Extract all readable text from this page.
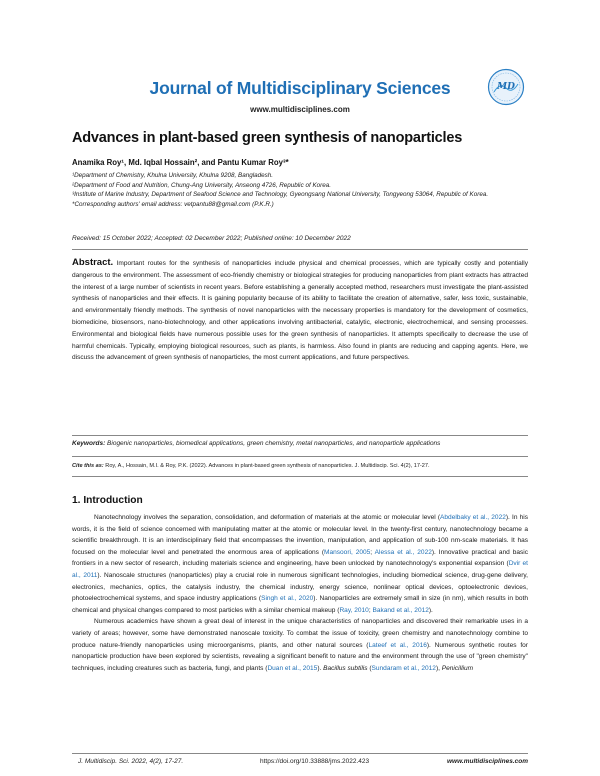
Journal of Multidisciplinary Sciences
www.multidisciplines.com
MD
Advances in plant-based green synthesis of nanoparticles
Anamika Roy¹, Md. Iqbal Hossain², and Pantu Kumar Roy³*
¹Department of Chemistry, Khulna University, Khulna 9208, Bangladesh.
²Department of Food and Nutrition, Chung-Ang University, Anseong 4726, Republic of Korea.
³Institute of Marine Industry, Department of Seafood Science and Technology, Gyeongsang National University, Tongyeong 53064, Republic of Korea.
*Corresponding authors' email address: vetpantu88@gmail.com (P.K.R.)
Received: 15 October 2022; Accepted: 02 December 2022; Published online: 10 December 2022
Abstract. Important routes for the synthesis of nanoparticles include physical and chemical processes, which are typically costly and potentially dangerous to the environment. The assessment of eco-friendly chemistry or biological strategies for producing nanoparticles from plant extracts has attracted the interest of a large number of scientists in recent years. Before establishing a generally accepted method, researchers must investigate the plant-assisted synthesis of nanoparticles and their effects. It is gaining popularity because of its ability to facilitate the creation of alternative, safer, less toxic, sustainable, and environmentally friendly methods. The synthesis of novel nanoparticles with the necessary properties is mandatory for the development of cosmetics, biomedicine, biosensors, nano-biotechnology, and other applications involving antibacterial, catalytic, electronic, electrochemical, and sensing processes. Environmental and biological fields have numerous possible uses for the green synthesis of nanoparticles. It attempts specifically to decrease the use of harmful chemicals. Typically, employing biological resources, such as plants, is harmless. Also found in plants are reducing and capping agents. Here, we discuss the advancement of green synthesis of nanoparticles, the most current applications, and future perspectives.
Keywords: Biogenic nanoparticles, biomedical applications, green chemistry, metal nanoparticles, and nanoparticle applications
Cite this as: Roy, A., Hossain, M.I. & Roy, P.K. (2022). Advances in plant-based green synthesis of nanoparticles. J. Multidiscip. Sci. 4(2), 17-27.
1. Introduction

Nanotechnology involves the separation, consolidation, and deformation of materials at the atomic or molecular level (Abdelbaky et al., 2022). In his words, it is the field of science concerned with manipulating matter at the atomic or molecular level. In the twenty-first century, nanotechnology became a scientific breakthrough. It is an interdisciplinary field that encompasses the invention, manipulation, and application of sub-100 nm-scale materials. It has focused on the molecular level and penetrated the enormous area of applications (Mansoori, 2005; Alessa et al., 2022). Innovative practical and basic frontiers in a new sector of research, including materials science and engineering, have been unlocked by nanotechnology's exponential expansion (Dvir et al., 2011). Nanoscale structures (nanoparticles) play a crucial role in numerous significant technologies, including biomedical science, drug-gene delivery, electronics, mechanics, optics, the catalysis industry, the chemical industry, energy science, nonlinear optical devices, optoelectronic devices, photoelectrochemical systems, and space industry applications (Singh et al., 2020). Nanoparticles are extremely small in size (in nm), which results in both chemical and physical changes compared to most particles with a similar chemical makeup (Ray, 2010; Bakand et al., 2012).

Numerous academics have shown a great deal of interest in the unique characteristics of nanoparticles and discovered their remarkable uses in a variety of areas; however, some have demonstrated nanoscale toxicity. To combat the issue of toxicity, green chemistry and nanotechnology combine to produce nature-friendly nanoparticles using microorganisms, plants, and other natural sources (Lateef et al., 2016). Numerous synthetic routes for nanoparticle production have been explored by scientists, revealing a significant benefit to nature and the environment through the use of "green chemistry" techniques, including creatures such as bacteria, fungi, and plants (Duan et al., 2015). Bacillus subtilis (Sundaram et al., 2012), Penicillium

J. Multidiscip. Sci. 2022, 4(2), 17-27.	https://doi.org/10.33888/jms.2022.423	www.multidisciplines.com
